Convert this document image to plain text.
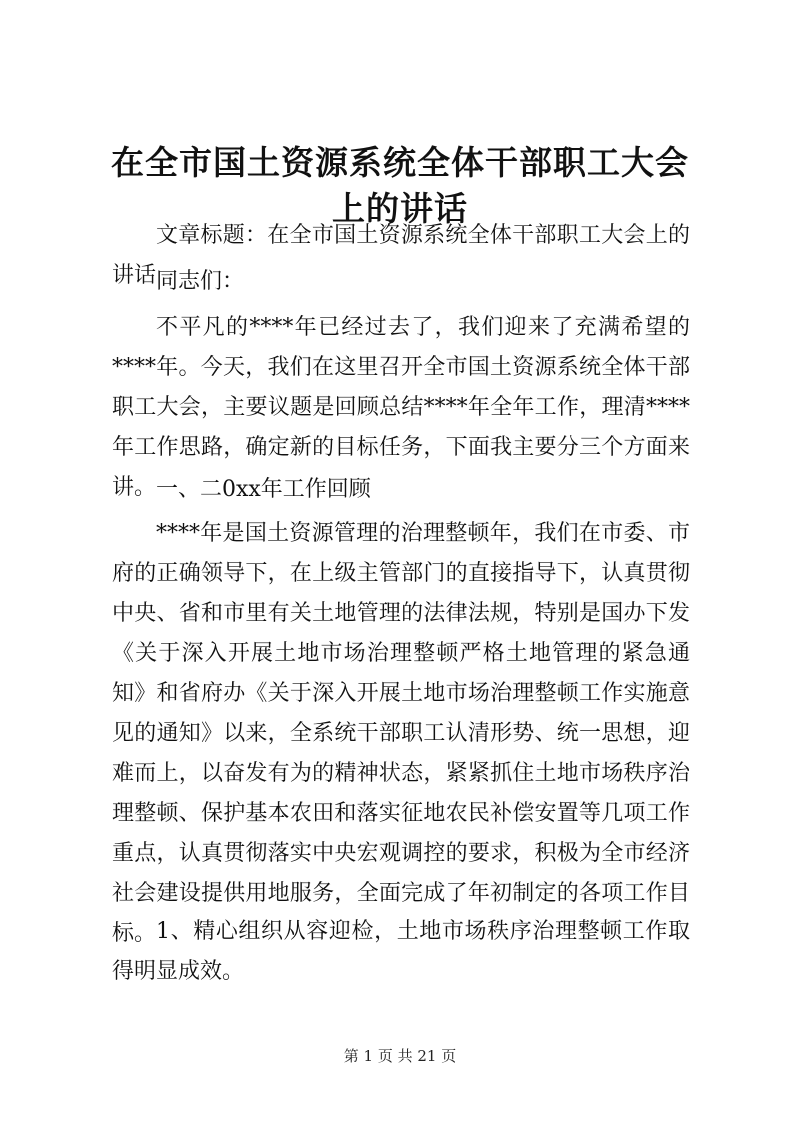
在全市国土资源系统全体干部职工大会上的讲话

文章标题：在全市国土资源系统全体干部职工大会上的讲话 同志们：

不平凡的****年已经过去了，我们迎来了充满希望的****年。今天，我们在这里召开全市国土资源系统全体干部职工大会，主要议题是回顾总结****年全年工作，理清****年工作思路，确定新的目标任务，下面我主要分三个方面来讲。 一、二0xx年工作回顾

****年是国土资源管理的治理整顿年，我们在市委、市府的正确领导下，在上级主管部门的直接指导下，认真贯彻中央、省和市里有关土地管理的法律法规，特别是国办下发《关于深入开展土地市场治理整顿严格土地管理的紧急通知》和省府办《关于深入开展土地市场治理整顿工作实施意见的通知》以来，全系统干部职工认清形势、统一思想，迎难而上，以奋发有为的精神状态，紧紧抓住土地市场秩序治理整顿、保护基本农田和落实征地农民补偿安置等几项工作重点，认真贯彻落实中央宏观调控的要求，积极为全市经济社会建设提供用地服务，全面完成了年初制定的各项工作目标。 1、精心组织从容迎检，土地市场秩序治理整顿工作取得明显成效。

第 1 页 共 21 页
